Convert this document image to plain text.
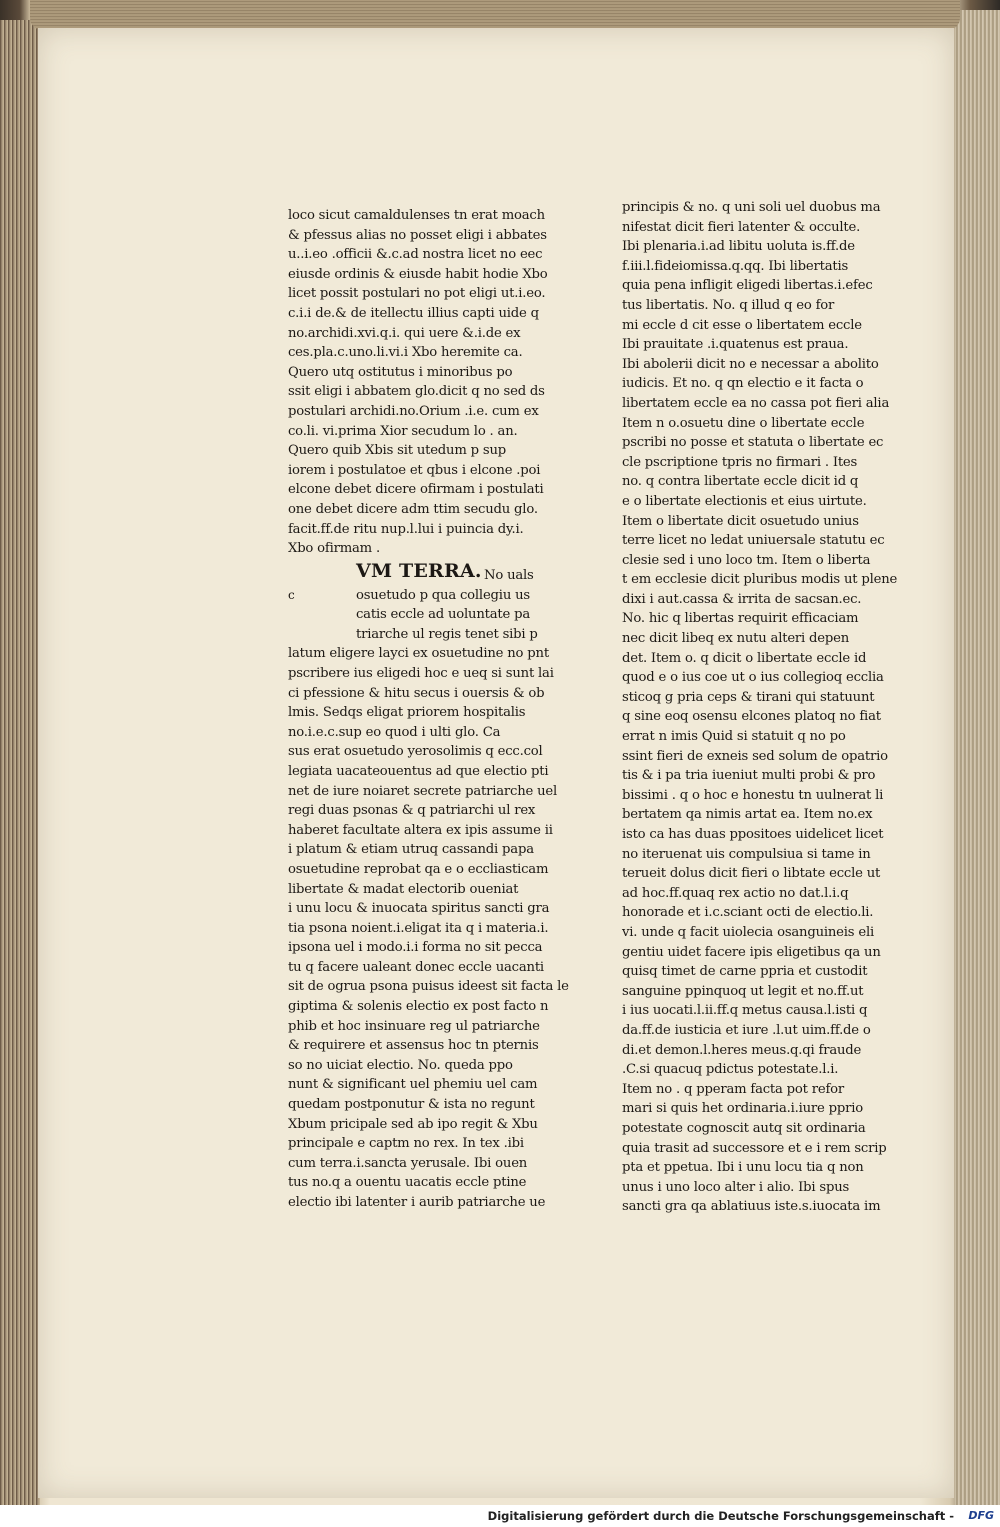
loco sicut camaldulenses tn erat moach
& pfessus alias no posset eligi i abbates
u..i.eo .officii &.c.ad nostra licet no eec
eiusde ordinis & eiusde habit hodie Xbo
licet possit postulari no pot eligi ut.i.eo.
c.i.i de.& de itellectu illius capti uide q
no.archidi.xvi.q.i. qui uere &.i.de ex
ces.pla.c.uno.li.vi.i Xbo heremite ca.
Quero utq ostitutus i minoribus po
ssit eligi i abbatem glo.dicit q no sed ds
postulari archidi.no.Orium .i.e. cum ex
co.li. vi.prima Xior secudum lo . an.
Quero quib Xbis sit utedum p sup
iorem i postulatoe et qbus i elcone .poi
elcone debet dicere ofirmam i postulati
one debet dicere adm ttim secudu glo.
facit.ff.de ritu nup.l.lui i puincia dy.i.
Xbo ofirmam .
VM TERRA. No uals
c	osuetudo p qua collegiu us
catis eccle ad uoluntate pa
triarche ul regis tenet sibi p
latum eligere layci ex osuetudine no pnt
pscribere ius eligedi hoc e ueq si sunt lai
ci pfessione & hitu secus i ouersis & ob
lmis. Sedqs eligat priorem hospitalis
no.i.e.c.sup eo quod i ulti glo. Ca
sus erat osuetudo yerosolimis q ecc.col
legiata uacateouentus ad que electio pti
net de iure noiaret secrete patriarche uel
regi duas psonas & q patriarchi ul rex
haberet facultate altera ex ipis assume ii
i platum & etiam utruq cassandi papa
osuetudine reprobat qa e o eccliasticam
libertate & madat electorib oueniat
i unu locu & inuocata spiritus sancti gra
tia psona noient.i.eligat ita q i materia.i.
ipsona uel i modo.i.i forma no sit pecca
tu q facere ualeant donec eccle uacanti
sit de ogrua psona puisus ideest sit facta le
giptima & solenis electio ex post facto n
phib et hoc insinuare reg ul patriarche
& requirere et assensus hoc tn pternis
so no uiciat electio. No. queda ppo
nunt & significant uel phemiu uel cam
quedam postponutur & ista no regunt
Xbum pricipale sed ab ipo regit & Xbu
principale e captm no rex. In tex .ibi
cum terra.i.sancta yerusale. Ibi ouen
tus no.q a ouentu uacatis eccle ptine
electio ibi latenter i aurib patriarche ue
principis & no. q uni soli uel duobus ma
nifestat dicit fieri latenter & occulte.
Ibi plenaria.i.ad libitu uoluta is.ff.de
f.iii.l.fideiomissa.q.qq. Ibi libertatis
quia pena infligit eligedi libertas.i.efec
tus libertatis. No. q illud q eo for
mi eccle d cit esse o libertatem eccle
Ibi prauitate .i.quatenus est praua.
Ibi abolerii dicit no e necessar a abolito
iudicis. Et no. q qn electio e it facta o
libertatem eccle ea no cassa pot fieri alia
Item n o.osuetu dine o libertate eccle
pscribi no posse et statuta o libertate ec
cle pscriptione tpris no firmari . Ites
no. q contra libertate eccle dicit id q
e o libertate electionis et eius uirtute.
Item o libertate dicit osuetudo unius
terre licet no ledat uniuersale statutu ec
clesie sed i uno loco tm. Item o liberta
t em ecclesie dicit pluribus modis ut plene
dixi i aut.cassa & irrita de sacsan.ec.
No. hic q libertas requirit efficaciam
nec dicit libeq ex nutu alteri depen
det. Item o. q dicit o libertate eccle id
quod e o ius coe ut o ius collegioq ecclia
sticoq g pria ceps & tirani qui statuunt
q sine eoq osensu elcones platoq no fiat
errat n imis Quid si statuit q no po
ssint fieri de exneis sed solum de opatrio
tis & i pa tria iueniut multi probi & pro
bissimi . q o hoc e honestu tn uulnerat li
bertatem qa nimis artat ea. Item no.ex
isto ca has duas ppositoes uidelicet licet
no iteruenat uis compulsiua si tame in
terueit dolus dicit fieri o libtate eccle ut
ad hoc.ff.quaq rex actio no dat.l.i.q
honorade et i.c.sciant octi de electio.li.
vi. unde q facit uiolecia osanguineis eli
gentiu uidet facere ipis eligetibus qa un
quisq timet de carne ppria et custodit
sanguine ppinquoq ut legit et no.ff.ut
i ius uocati.l.ii.ff.q metus causa.l.isti q
da.ff.de iusticia et iure .l.ut uim.ff.de o
di.et demon.l.heres meus.q.qi fraude
.C.si quacuq pdictus potestate.l.i.
Item no . q pperam facta pot refor
mari si quis het ordinaria.i.iure pprio
potestate cognoscit autq sit ordinaria
quia trasit ad successore et e i rem scrip
pta et ppetua. Ibi i unu locu tia q non
unus i uno loco alter i alio. Ibi spus
sancti gra qa ablatiuus iste.s.iuocata im
Digitalisierung gefördert durch die Deutsche Forschungsgemeinschaft - DFG
